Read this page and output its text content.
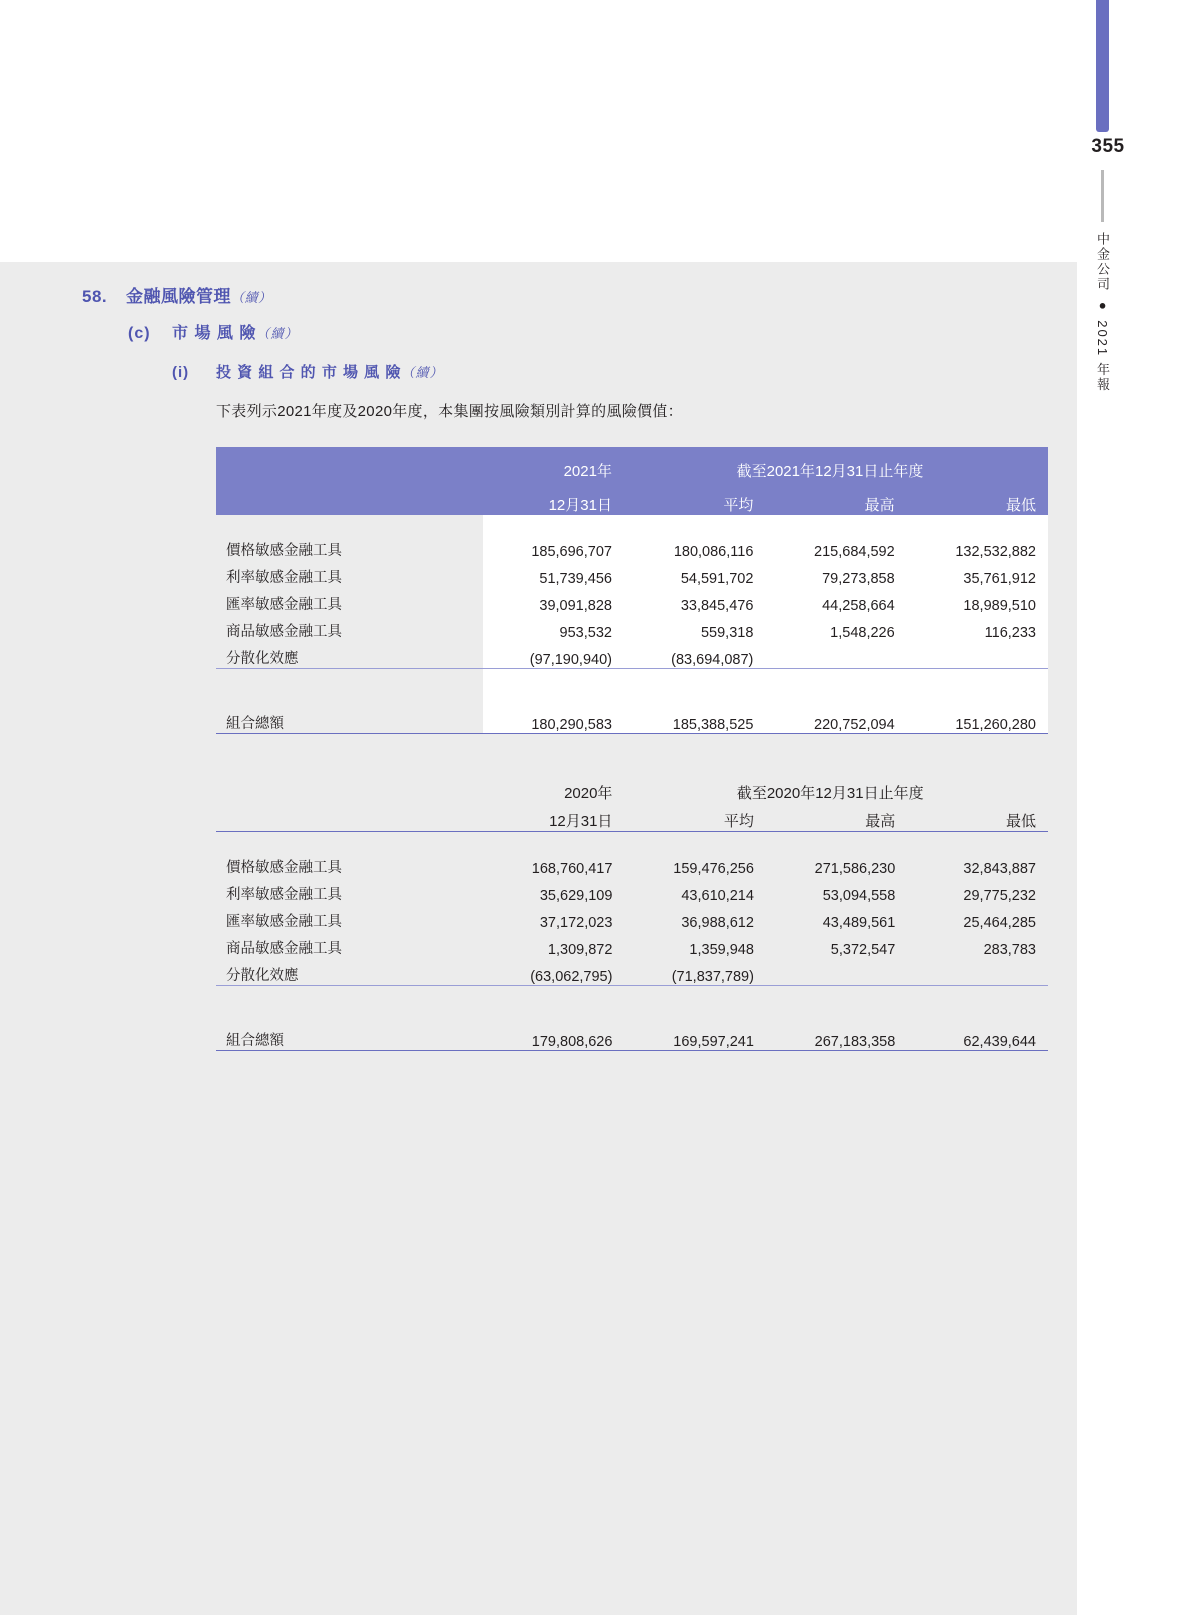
355
中金公司 ● 2021 年報
58. 金融風險管理（續）
(c) 市 場 風 險（續）
(i) 投 資 組 合 的 市 場 風 險（續）
下表列示2021年度及2020年度，本集團按風險類別計算的風險價值：
	2021年	截至2021年12月31日止年度		
	12月31日	平均	最高	最低

價格敏感金融工具	185,696,707	180,086,116	215,684,592	132,532,882
利率敏感金融工具	51,739,456	54,591,702	79,273,858	35,761,912
匯率敏感金融工具	39,091,828	33,845,476	44,258,664	18,989,510
商品敏感金融工具	953,532	559,318	1,548,226	116,233
分散化效應	(97,190,940)	(83,694,087)		

組合總額	180,290,583	185,388,525	220,752,094	151,260,280
	2020年	截至2020年12月31日止年度		
	12月31日	平均	最高	最低

價格敏感金融工具	168,760,417	159,476,256	271,586,230	32,843,887
利率敏感金融工具	35,629,109	43,610,214	53,094,558	29,775,232
匯率敏感金融工具	37,172,023	36,988,612	43,489,561	25,464,285
商品敏感金融工具	1,309,872	1,359,948	5,372,547	283,783
分散化效應	(63,062,795)	(71,837,789)		

組合總額	179,808,626	169,597,241	267,183,358	62,439,644
